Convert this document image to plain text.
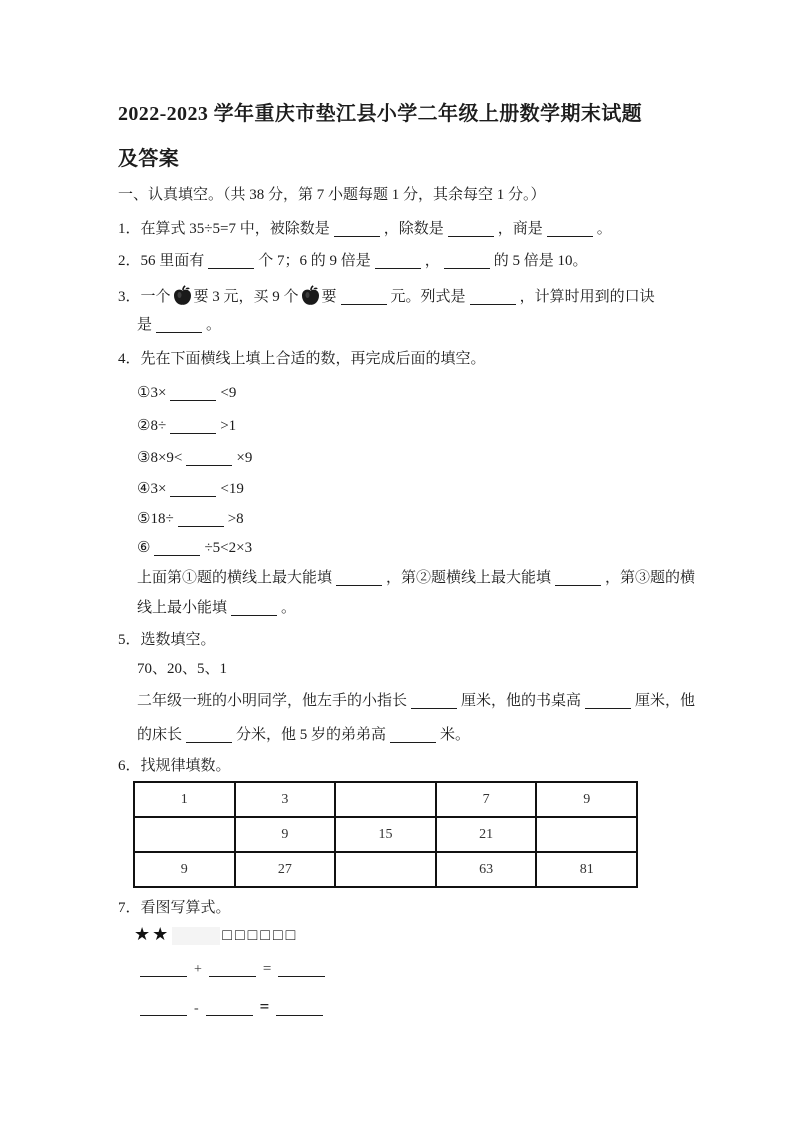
2022-2023 学年重庆市垫江县小学二年级上册数学期末试题
及答案
一、认真填空。（共 38 分，第 7 小题每题 1 分，其余每空 1 分。）
1．在算式 35÷5=7 中，被除数是	，除数是	，商是	。
2．56 里面有	个 7；6 的 9 倍是	，	的 5 倍是 10。
3．一个 要 3 元，买 9 个 要	元。列式是	，计算时用到的口诀
是	。
4．先在下面横线上填上合适的数，再完成后面的填空。
①3×	<9
②8÷	>1
③8×9<	×9
④3×	<19
⑤18÷	>8
⑥	÷5<2×3
上面第①题的横线上最大能填	，第②题横线上最大能填	，第③题的横
线上最小能填	。
5．选数填空。
70、20、5、1
二年级一班的小明同学，他左手的小指长	厘米，他的书桌高	厘米，他
的床长	分米，他 5 岁的弟弟高	米。
6．找规律填数。
1	3		7	9
	9	15	21	
9	27		63	81
7．看图写算式。
★★	□□□□□□
+	=
-	=
